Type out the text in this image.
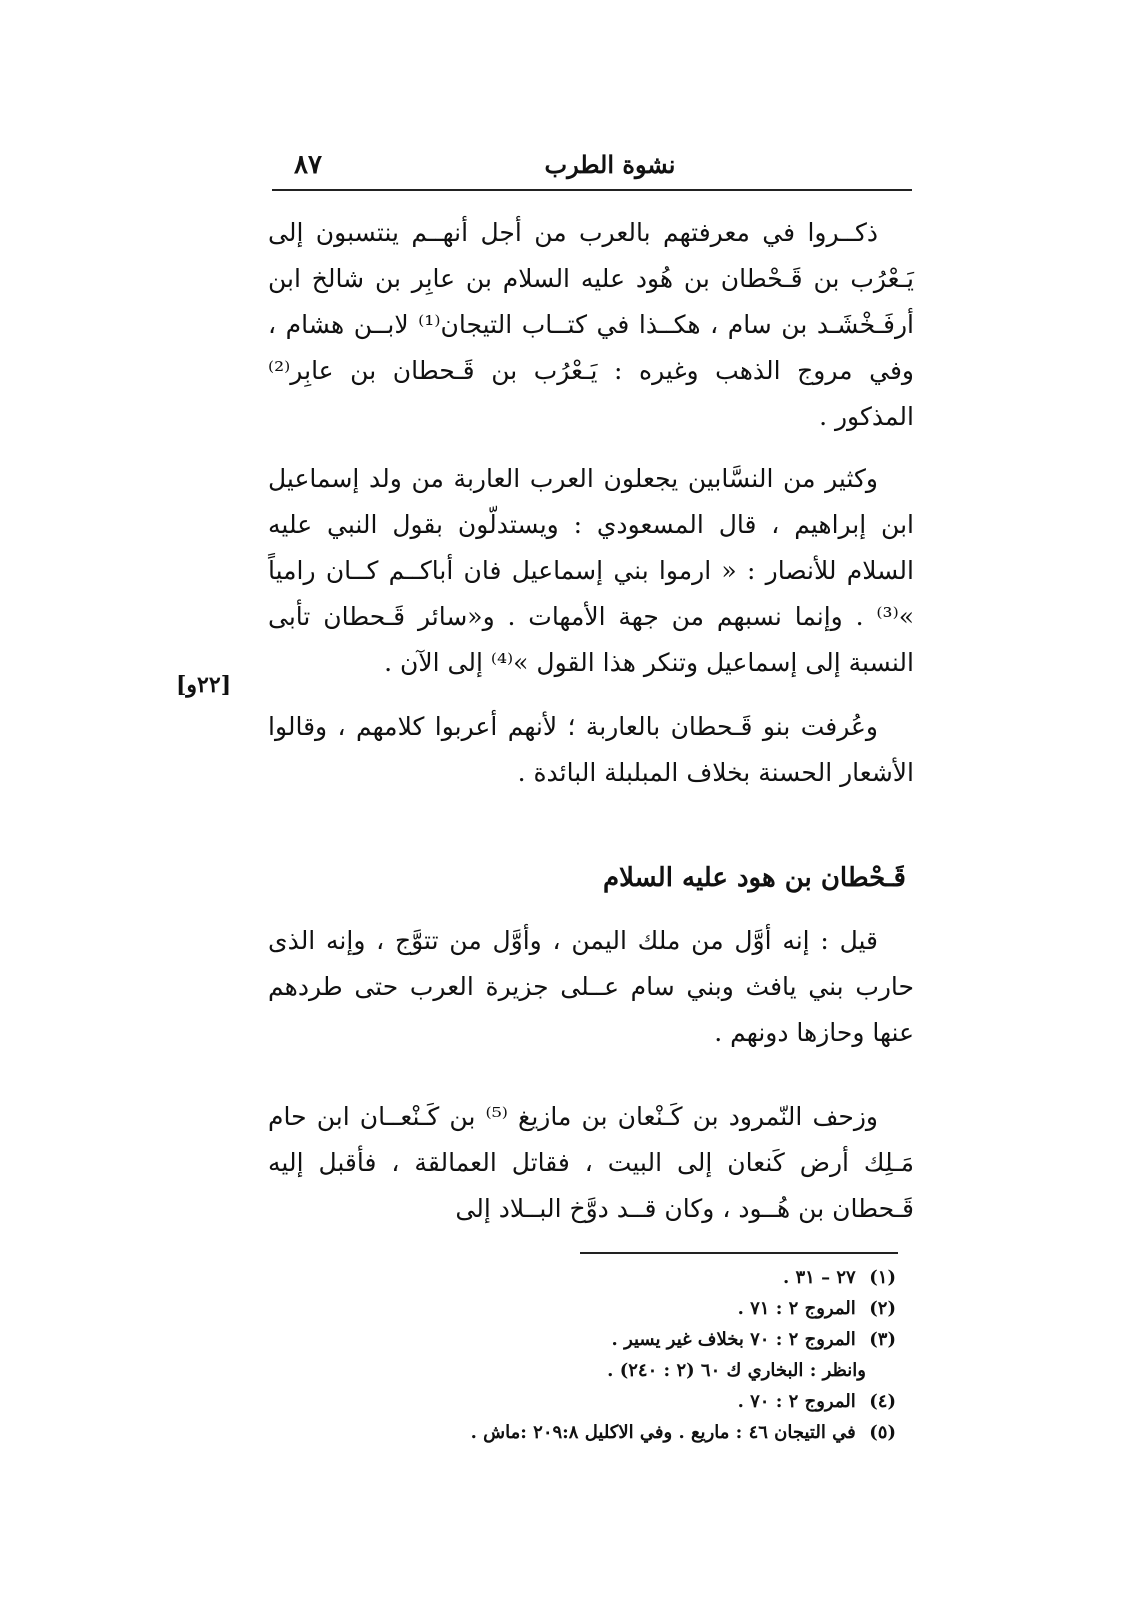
٨٧	نشوة الطرب

ذكــروا في معرفتهم بالعرب من أجل أنهــم ينتسبون إلى يَـعْرُب بن قَـحْطان بن هُود عليه السلام بن عابِر بن شالخ ابن أرفَـخْشَـد بن سام ، هكــذا في كتــاب التيجان⁽¹⁾ لابــن هشام ، وفي مروج الذهب وغيره : يَـعْرُب بن قَـحطان بن عابِر⁽²⁾ المذكور .

وكثير من النسَّابين يجعلون العرب العاربة من ولد إسماعيل ابن إبراهيم ، قال المسعودي : ويستدلّون بقول النبي عليه السلام للأنصار : « ارموا بني إسماعيل فان أباكــم كــان رامياً »⁽³⁾ . وإنما نسبهم من جهة الأمهات . و«سائر قَـحطان تأبى النسبة إلى إسماعيل وتنكر هذا القول »⁽⁴⁾ إلى الآن .

[٢٢و]

وعُرفت بنو قَـحطان بالعاربة ؛ لأنهم أعربوا كلامهم ، وقالوا الأشعار الحسنة بخلاف المبلبلة البائدة .

قَـحْطان بن هود عليه السلام

قيل : إنه أوَّل من ملك اليمن ، وأوَّل من تتوَّج ، وإنه الذى حارب بني يافث وبني سام عــلى جزيرة العرب حتى طردهم عنها وحازها دونهم .

وزحف النّمرود بن كَـنْعان بن مازيغ ⁽⁵⁾ بن كَـنْعــان ابن حام مَـلِك أرض كَنعان إلى البيت ، فقاتل العمالقة ، فأقبل إليه قَـحطان بن هُــود ، وكان قــد دوَّخ البــلاد إلى

(١) ٢٧ – ٣١ .
(٢) المروج ٢ : ٧١ .
(٣) المروج ٢ : ٧٠ بخلاف غير يسير .
وانظر : البخاري ك ٦٠ (٢ : ٢٤٠) .
(٤) المروج ٢ : ٧٠ .
(٥) في التيجان ٤٦ : ماريع . وفي الاكليل ٢٠٩:٨ :ماش .
